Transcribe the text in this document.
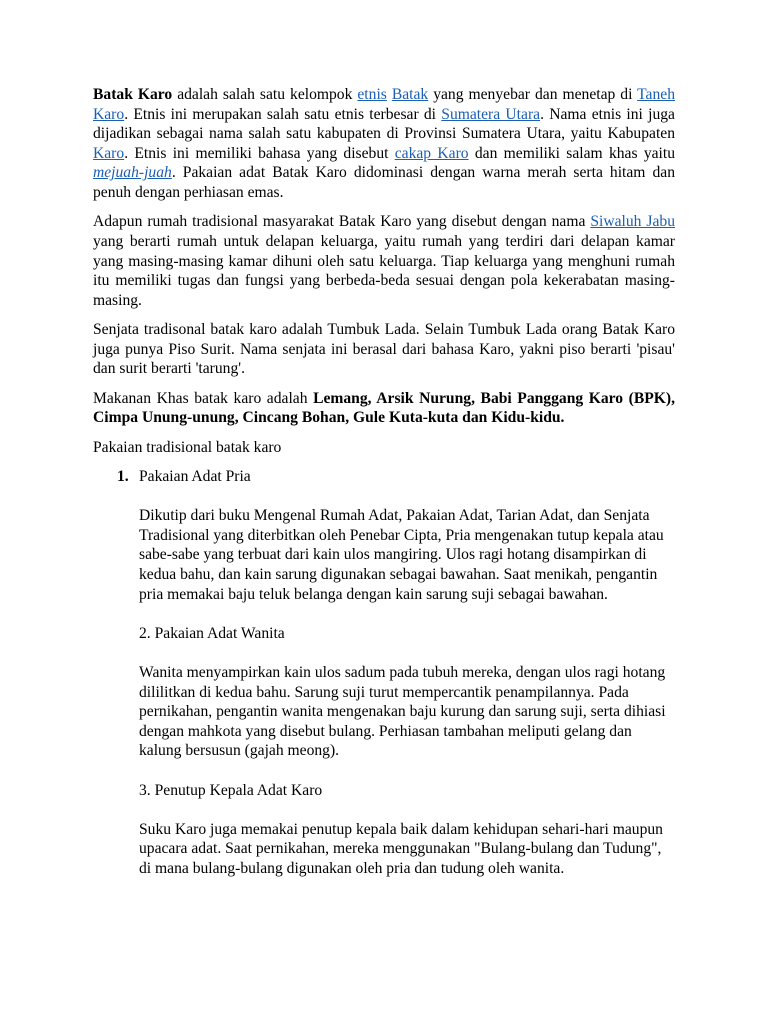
Batak Karo adalah salah satu kelompok etnis Batak yang menyebar dan menetap di Taneh Karo. Etnis ini merupakan salah satu etnis terbesar di Sumatera Utara. Nama etnis ini juga dijadikan sebagai nama salah satu kabupaten di Provinsi Sumatera Utara, yaitu Kabupaten Karo. Etnis ini memiliki bahasa yang disebut cakap Karo dan memiliki salam khas yaitu mejuah-juah. Pakaian adat Batak Karo didominasi dengan warna merah serta hitam dan penuh dengan perhiasan emas.

Adapun rumah tradisional masyarakat Batak Karo yang disebut dengan nama Siwaluh Jabu yang berarti rumah untuk delapan keluarga, yaitu rumah yang terdiri dari delapan kamar yang masing-masing kamar dihuni oleh satu keluarga. Tiap keluarga yang menghuni rumah itu memiliki tugas dan fungsi yang berbeda-beda sesuai dengan pola kekerabatan masing-masing.

Senjata tradisonal batak karo adalah Tumbuk Lada. Selain Tumbuk Lada orang Batak Karo juga punya Piso Surit. Nama senjata ini berasal dari bahasa Karo, yakni piso berarti 'pisau' dan surit berarti 'tarung'.

Makanan Khas batak karo adalah Lemang, Arsik Nurung, Babi Panggang Karo (BPK), Cimpa Unung-unung, Cincang Bohan, Gule Kuta-kuta dan Kidu-kidu.

Pakaian tradisional batak karo

1. Pakaian Adat Pria
Dikutip dari buku Mengenal Rumah Adat, Pakaian Adat, Tarian Adat, dan Senjata Tradisional yang diterbitkan oleh Penebar Cipta, Pria mengenakan tutup kepala atau sabe-sabe yang terbuat dari kain ulos mangiring. Ulos ragi hotang disampirkan di kedua bahu, dan kain sarung digunakan sebagai bawahan. Saat menikah, pengantin pria memakai baju teluk belanga dengan kain sarung suji sebagai bawahan.
2. Pakaian Adat Wanita
Wanita menyampirkan kain ulos sadum pada tubuh mereka, dengan ulos ragi hotang dililitkan di kedua bahu. Sarung suji turut mempercantik penampilannya. Pada pernikahan, pengantin wanita mengenakan baju kurung dan sarung suji, serta dihiasi dengan mahkota yang disebut bulang. Perhiasan tambahan meliputi gelang dan kalung bersusun (gajah meong).
3. Penutup Kepala Adat Karo
Suku Karo juga memakai penutup kepala baik dalam kehidupan sehari-hari maupun upacara adat. Saat pernikahan, mereka menggunakan "Bulang-bulang dan Tudung", di mana bulang-bulang digunakan oleh pria dan tudung oleh wanita.
